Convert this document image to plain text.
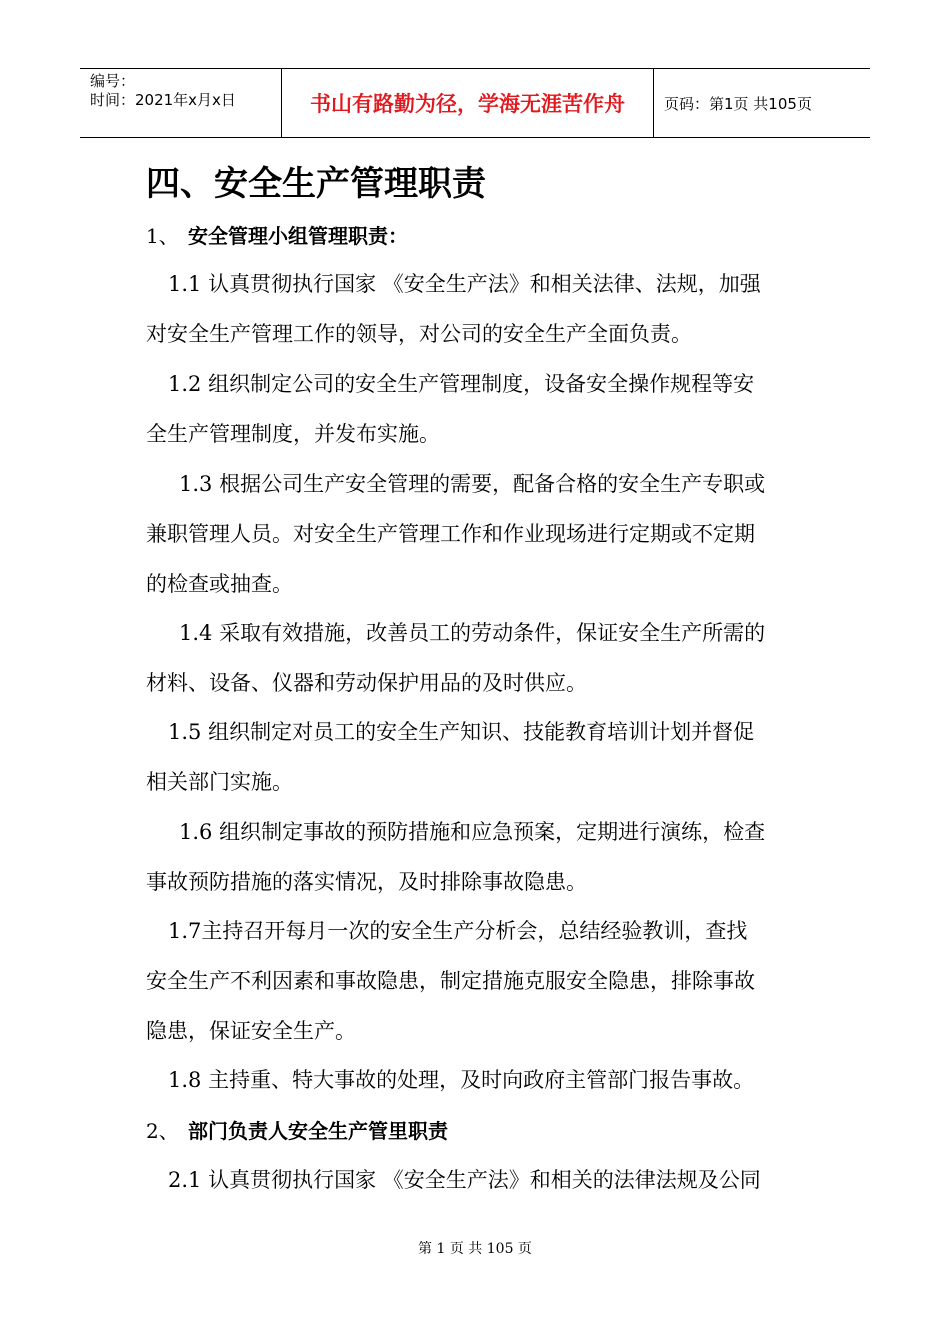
编号：
时间：2021年x月x日	书山有路勤为径，学海无涯苦作舟	页码：第1页 共105页
四、安全生产管理职责
1、 安全管理小组管理职责：
1.1 认真贯彻执行国家 《安全生产法》和相关法律、法规，加强
对安全生产管理工作的领导，对公司的安全生产全面负责。
1.2 组织制定公司的安全生产管理制度，设备安全操作规程等安
全生产管理制度，并发布实施。
1.3 根据公司生产安全管理的需要，配备合格的安全生产专职或
兼职管理人员。对安全生产管理工作和作业现场进行定期或不定期
的检查或抽查。
1.4 采取有效措施，改善员工的劳动条件，保证安全生产所需的
材料、设备、仪器和劳动保护用品的及时供应。
1.5 组织制定对员工的安全生产知识、技能教育培训计划并督促
相关部门实施。
1.6 组织制定事故的预防措施和应急预案，定期进行演练，检查
事故预防措施的落实情况，及时排除事故隐患。
1.7主持召开每月一次的安全生产分析会，总结经验教训，查找
安全生产不利因素和事故隐患，制定措施克服安全隐患，排除事故
隐患，保证安全生产。
1.8 主持重、特大事故的处理，及时向政府主管部门报告事故。
2、 部门负责人安全生产管里职责
2.1 认真贯彻执行国家 《安全生产法》和相关的法律法规及公同
第 1 页 共 105 页
